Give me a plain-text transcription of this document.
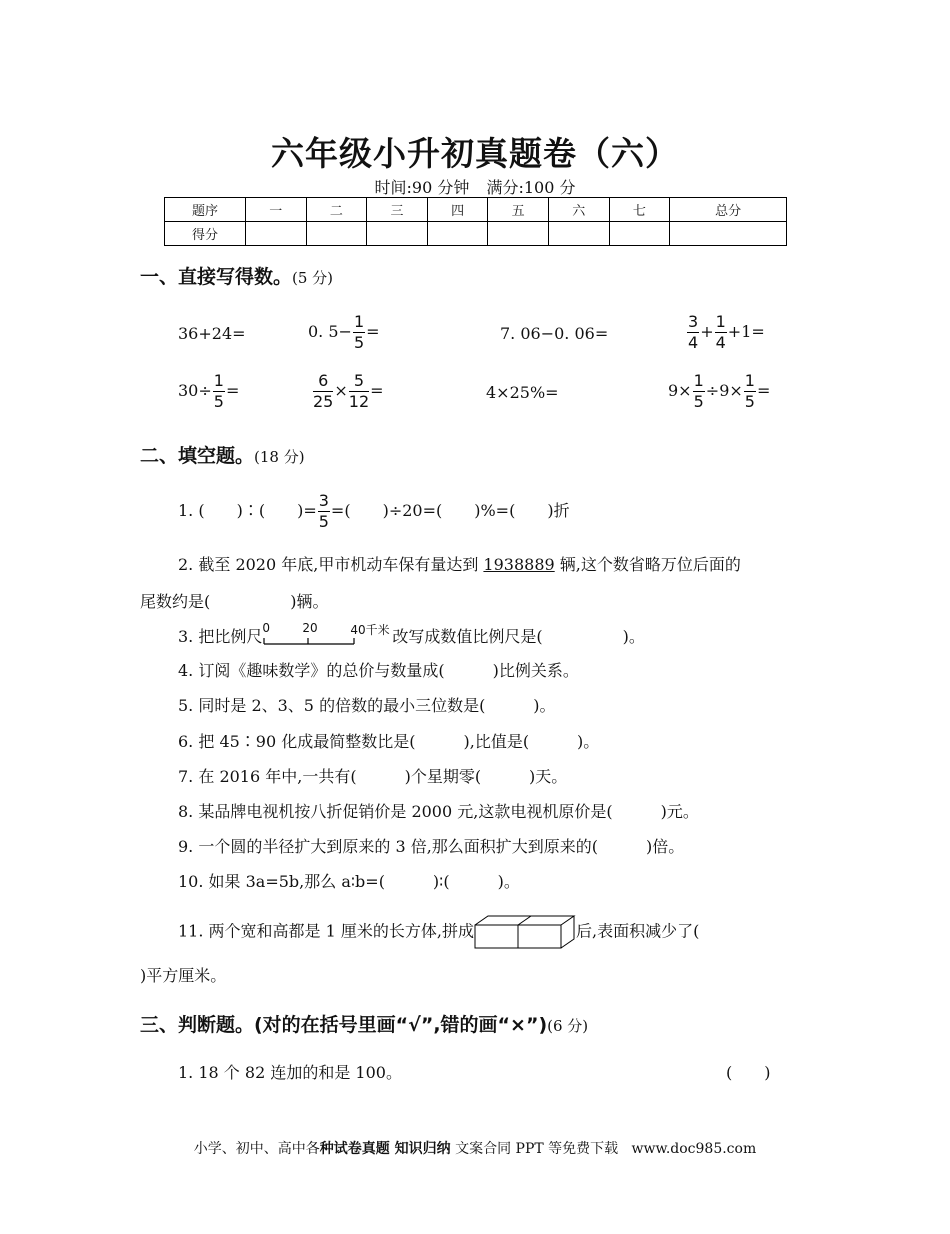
六年级小升初真题卷（六）
时间:90 分钟 满分:100 分
题序	一	二	三	四	五	六	七	总分
得分								
一、直接写得数。(5 分)
36+24=	0. $5- \frac{1}{5}$ =	7. 06−0. 06=	$\frac{3}{4} + \frac{1}{4} +1=$
$30\div \frac{1}{5}$ =	$\frac{6}{25} \times \frac{5}{12}$ =	4×25%=	$9\times \frac{1}{5} \div 9\times \frac{1}{5}$ =
二、填空题。(18 分)
1. (　　)∶(　　)= $\frac{3}{5}$ =(　　)÷20=(　　)%=(　　)折
2. 截至 2020 年底,甲市机动车保有量达到 1938889 辆,这个数省略万位后面的
尾数约是(　　　　　)辆。
3. 把比例尺 0	20	40千米 改写成数值比例尺是(　　　　　)。
4. 订阅《趣味数学》的总价与数量成(　　　)比例关系。
5. 同时是 2、3、5 的倍数的最小三位数是(　　　)。
6. 把 45∶90 化成最简整数比是(　　　),比值是(　　　)。
7. 在 2016 年中,一共有(　　　)个星期零(　　　)天。
8. 某品牌电视机按八折促销价是 2000 元,这款电视机原价是(　　　)元。
9. 一个圆的半径扩大到原来的 3 倍,那么面积扩大到原来的(　　　)倍。
10. 如果 3a=5b,那么 a∶b=(　　　)∶(　　　)。
11. 两个宽和高都是 1 厘米的长方体,拼成	后,表面积减少了(
)平方厘米。
三、判断题。(对的在括号里画“√”,错的画“×”)(6 分)
1. 18 个 82 连加的和是 100。	(　　)
小学、初中、高中各种试卷真题 知识归纳 文案合同 PPT 等免费下载 www.doc985.com
